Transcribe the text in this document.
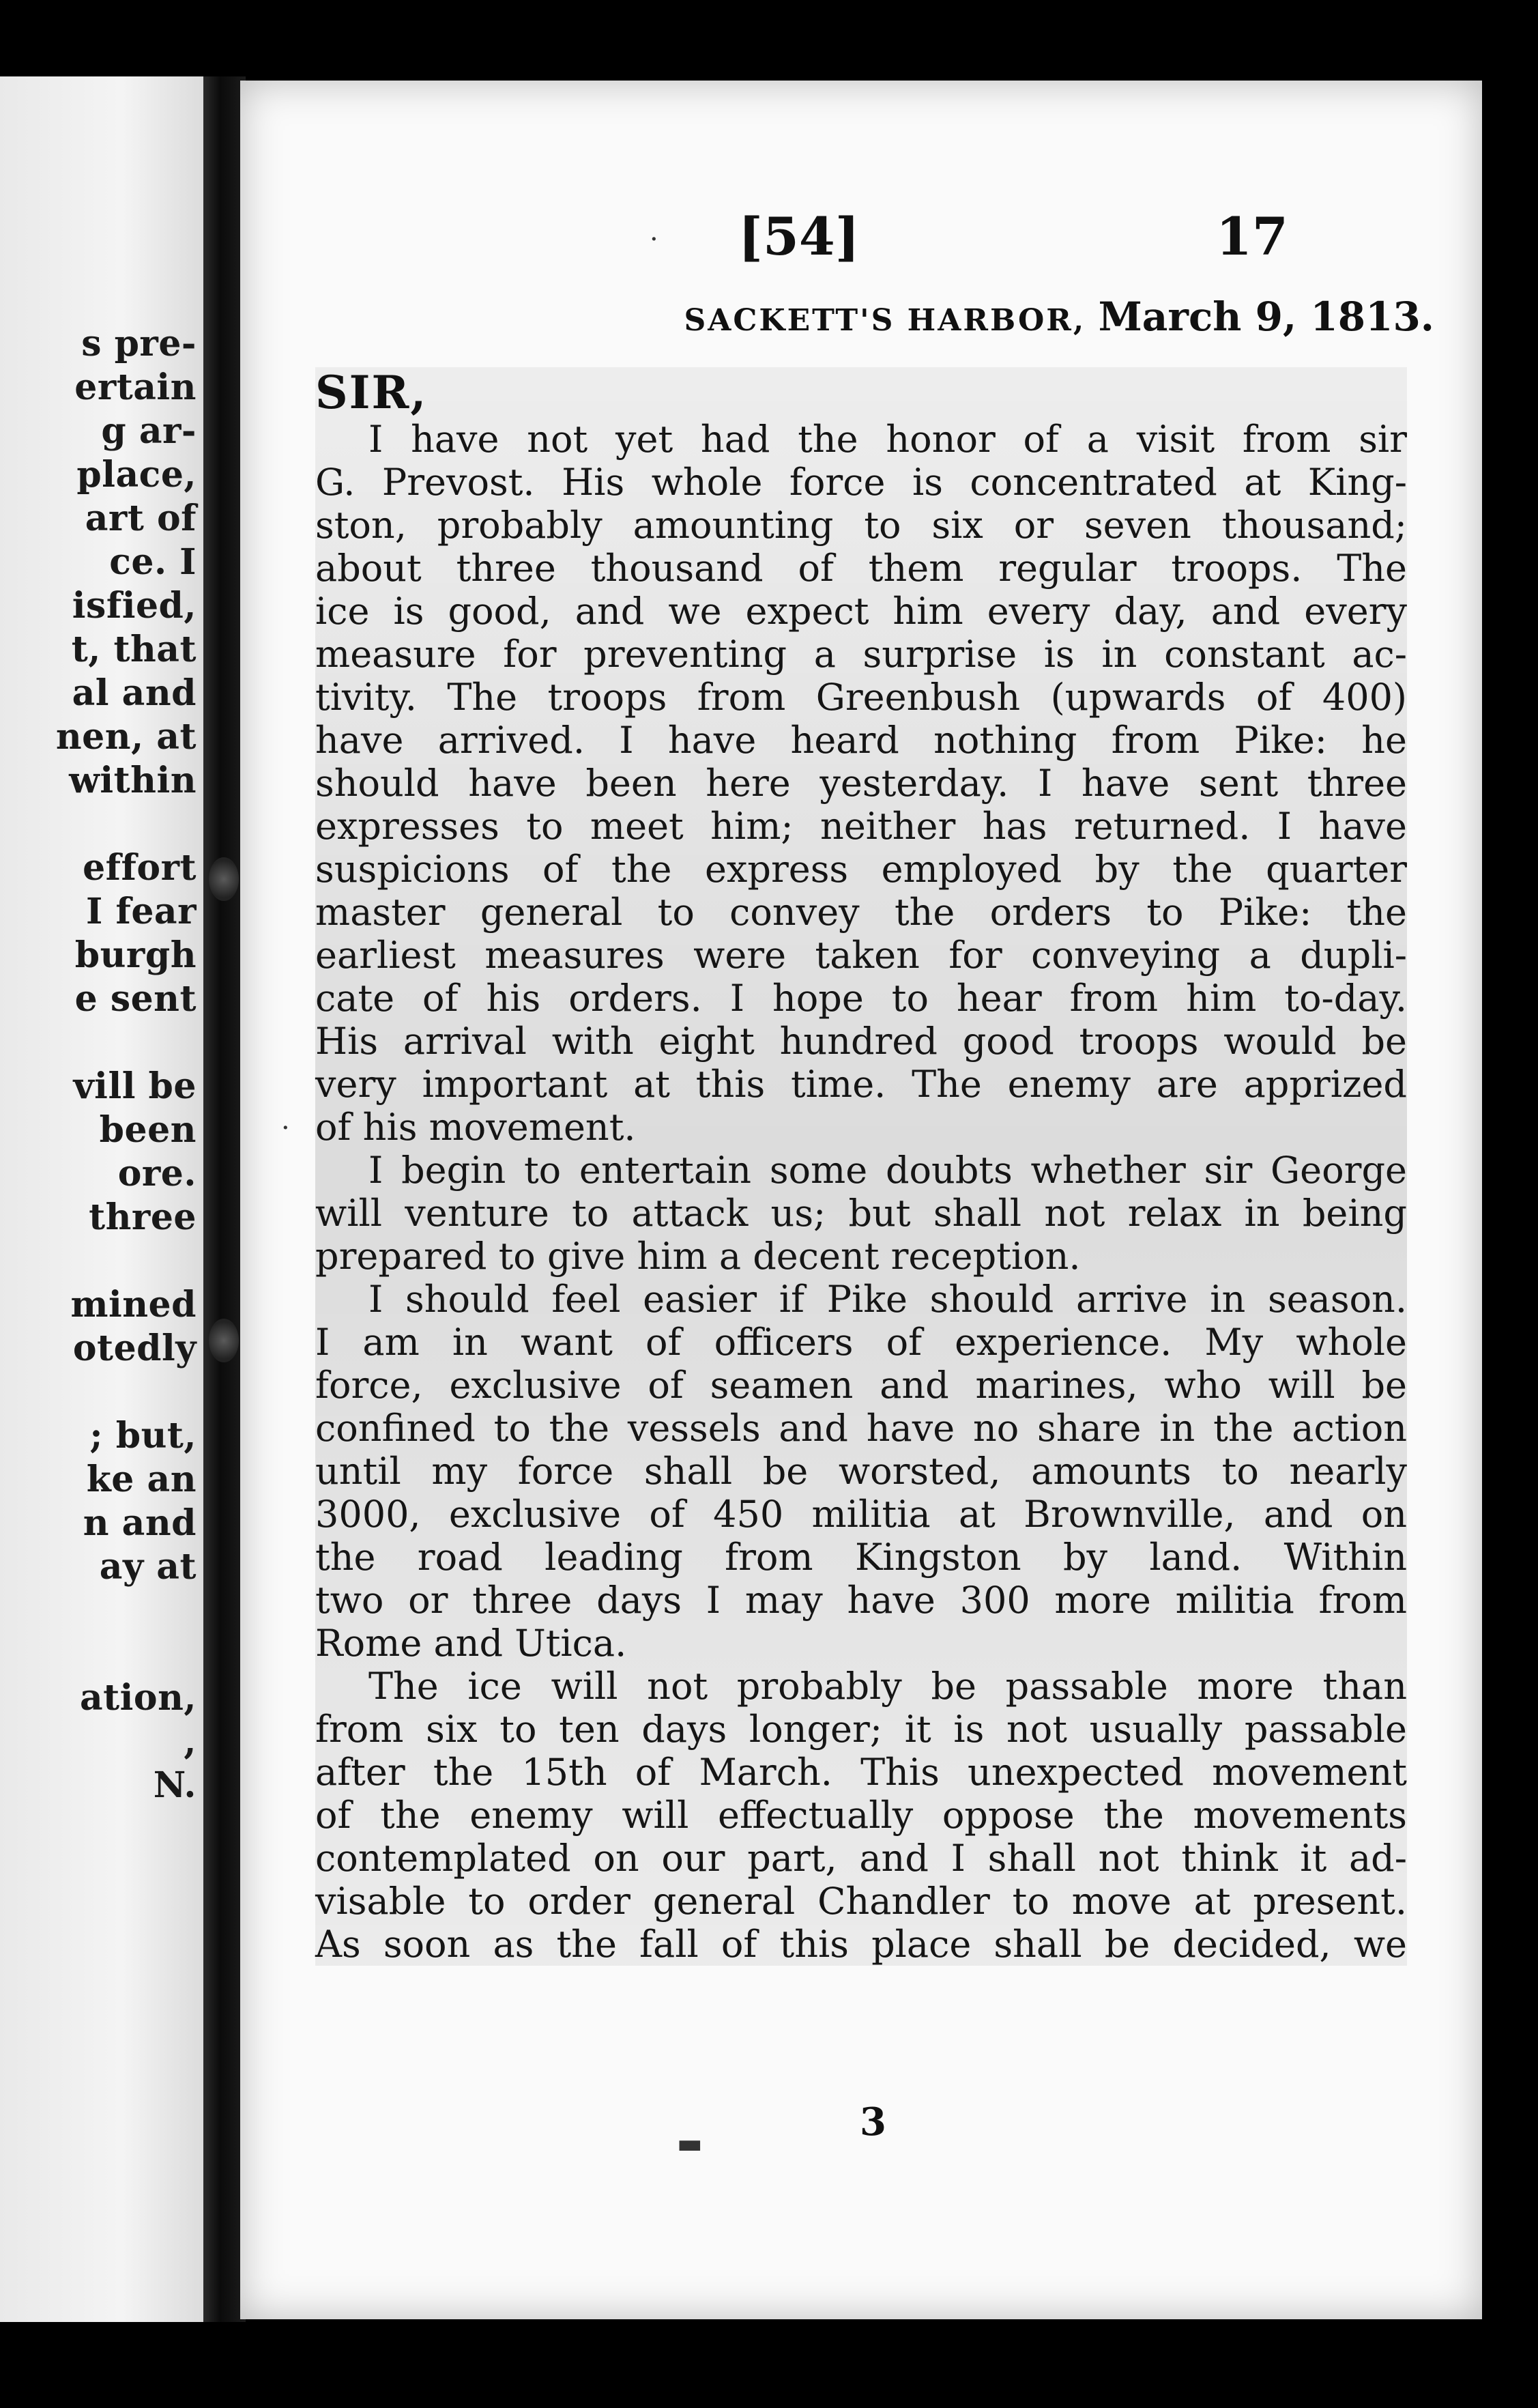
s pre-
ertain
g ar-
place,
art of
ce. I
isfied,
t, that
al and
nen, at
within
effort
I fear
burgh
e sent
vill be
been
ore.
three
mined
otedly
; but,
ke an
n and
ay at
ation,
,
N.
[54]	17
SACKETT'S HARBOR, March 9, 1813.
SIR,
I have not yet had the honor of a visit from sir
G. Prevost. His whole force is concentrated at King-
ston, probably amounting to six or seven thousand;
about three thousand of them regular troops. The
ice is good, and we expect him every day, and every
measure for preventing a surprise is in constant ac-
tivity. The troops from Greenbush (upwards of 400)
have arrived. I have heard nothing from Pike: he
should have been here yesterday. I have sent three
expresses to meet him; neither has returned. I have
suspicions of the express employed by the quarter
master general to convey the orders to Pike: the
earliest measures were taken for conveying a dupli-
cate of his orders. I hope to hear from him to-day.
His arrival with eight hundred good troops would be
very important at this time. The enemy are apprized
of his movement.
I begin to entertain some doubts whether sir George
will venture to attack us; but shall not relax in being
prepared to give him a decent reception.
I should feel easier if Pike should arrive in season.
I am in want of officers of experience. My whole
force, exclusive of seamen and marines, who will be
confined to the vessels and have no share in the action
until my force shall be worsted, amounts to nearly
3000, exclusive of 450 militia at Brownville, and on
the road leading from Kingston by land. Within
two or three days I may have 300 more militia from
Rome and Utica.
The ice will not probably be passable more than
from six to ten days longer; it is not usually passable
after the 15th of March. This unexpected movement
of the enemy will effectually oppose the movements
contemplated on our part, and I shall not think it ad-
visable to order general Chandler to move at present.
As soon as the fall of this place shall be decided, we
3
·
·
▬
